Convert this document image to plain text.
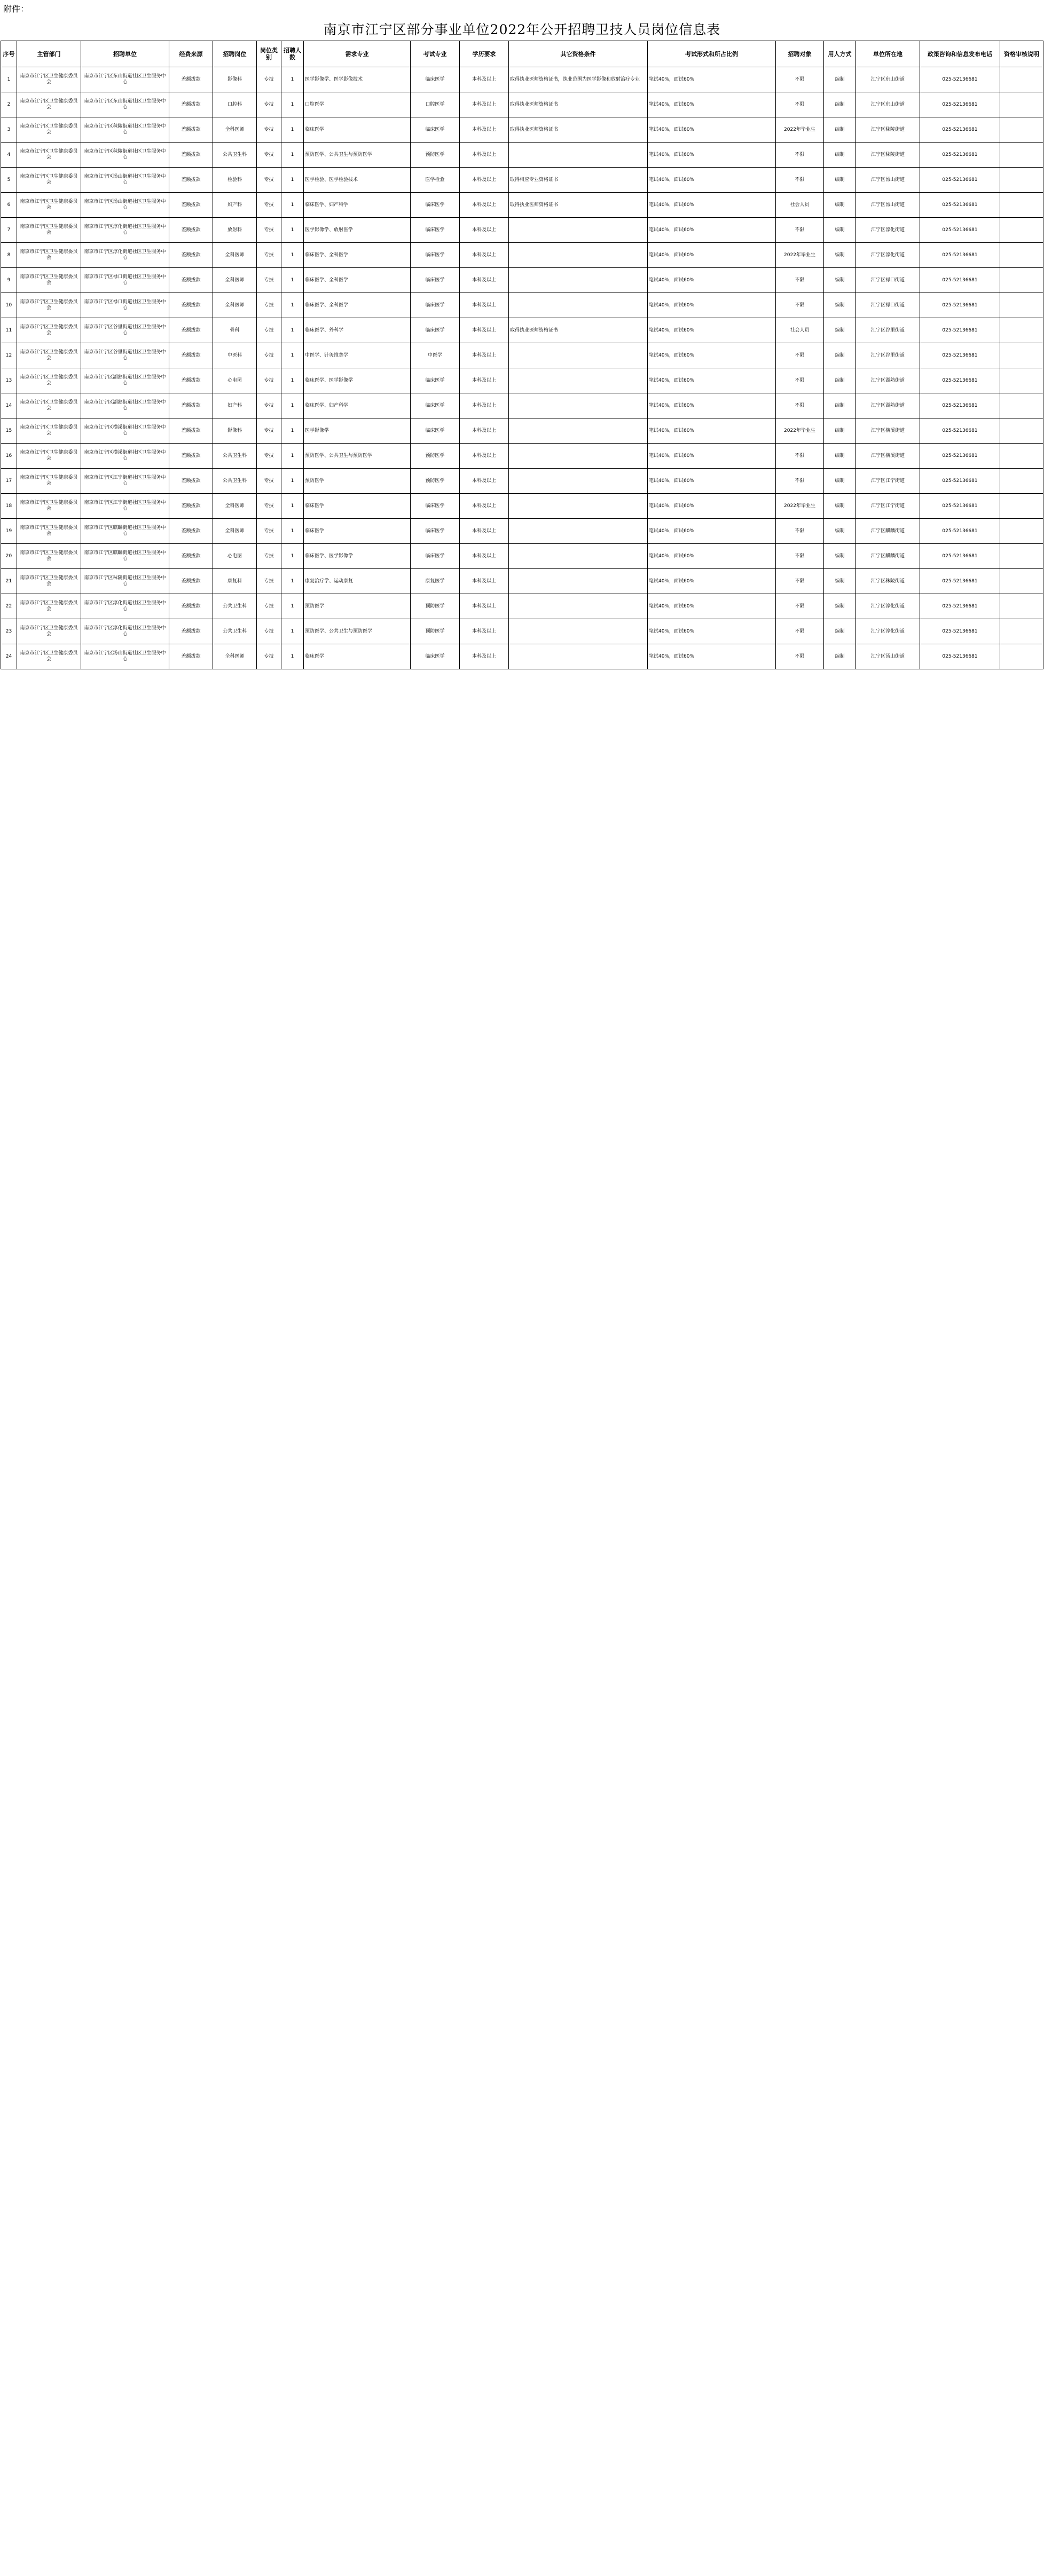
附件：
南京市江宁区部分事业单位2022年公开招聘卫技人员岗位信息表
序号	主管部门	招聘单位	经费来源	招聘岗位	岗位类别	招聘人数	需求专业	考试专业	学历要求	其它资格条件	考试形式和所占比例	招聘对象	用人方式	单位所在地	政策咨询和信息发布电话	资格审核说明
1	南京市江宁区卫生健康委员会	南京市江宁区东山街道社区卫生服务中心	差额拨款	影像科	专技	1	医学影像学、医学影像技术	临床医学	本科及以上	取得执业医师资格证书，执业范围为医学影像和放射治疗专业	笔试40%，面试60%	不限	编制	江宁区东山街道	025-52136681	
2	南京市江宁区卫生健康委员会	南京市江宁区东山街道社区卫生服务中心	差额拨款	口腔科	专技	1	口腔医学	口腔医学	本科及以上	取得执业医师资格证书	笔试40%，面试60%	不限	编制	江宁区东山街道	025-52136681	
3	南京市江宁区卫生健康委员会	南京市江宁区秣陵街道社区卫生服务中心	差额拨款	全科医师	专技	1	临床医学	临床医学	本科及以上	取得执业医师资格证书	笔试40%，面试60%	2022年毕业生	编制	江宁区秣陵街道	025-52136681	
4	南京市江宁区卫生健康委员会	南京市江宁区秣陵街道社区卫生服务中心	差额拨款	公共卫生科	专技	1	预防医学、公共卫生与预防医学	预防医学	本科及以上		笔试40%，面试60%	不限	编制	江宁区秣陵街道	025-52136681	
5	南京市江宁区卫生健康委员会	南京市江宁区汤山街道社区卫生服务中心	差额拨款	检验科	专技	1	医学检验、医学检验技术	医学检验	本科及以上	取得相应专业资格证书	笔试40%，面试60%	不限	编制	江宁区汤山街道	025-52136681	
6	南京市江宁区卫生健康委员会	南京市江宁区汤山街道社区卫生服务中心	差额拨款	妇产科	专技	1	临床医学、妇产科学	临床医学	本科及以上	取得执业医师资格证书	笔试40%，面试60%	社会人员	编制	江宁区汤山街道	025-52136681	
7	南京市江宁区卫生健康委员会	南京市江宁区淳化街道社区卫生服务中心	差额拨款	放射科	专技	1	医学影像学、放射医学	临床医学	本科及以上		笔试40%，面试60%	不限	编制	江宁区淳化街道	025-52136681	
8	南京市江宁区卫生健康委员会	南京市江宁区淳化街道社区卫生服务中心	差额拨款	全科医师	专技	1	临床医学、全科医学	临床医学	本科及以上		笔试40%，面试60%	2022年毕业生	编制	江宁区淳化街道	025-52136681	
9	南京市江宁区卫生健康委员会	南京市江宁区禄口街道社区卫生服务中心	差额拨款	全科医师	专技	1	临床医学、全科医学	临床医学	本科及以上		笔试40%，面试60%	不限	编制	江宁区禄口街道	025-52136681	
10	南京市江宁区卫生健康委员会	南京市江宁区禄口街道社区卫生服务中心	差额拨款	全科医师	专技	1	临床医学、全科医学	临床医学	本科及以上		笔试40%，面试60%	不限	编制	江宁区禄口街道	025-52136681	
11	南京市江宁区卫生健康委员会	南京市江宁区谷里街道社区卫生服务中心	差额拨款	骨科	专技	1	临床医学、外科学	临床医学	本科及以上	取得执业医师资格证书	笔试40%，面试60%	社会人员	编制	江宁区谷里街道	025-52136681	
12	南京市江宁区卫生健康委员会	南京市江宁区谷里街道社区卫生服务中心	差额拨款	中医科	专技	1	中医学、针灸推拿学	中医学	本科及以上		笔试40%，面试60%	不限	编制	江宁区谷里街道	025-52136681	
13	南京市江宁区卫生健康委员会	南京市江宁区湖熟街道社区卫生服务中心	差额拨款	心电图	专技	1	临床医学、医学影像学	临床医学	本科及以上		笔试40%，面试60%	不限	编制	江宁区湖熟街道	025-52136681	
14	南京市江宁区卫生健康委员会	南京市江宁区湖熟街道社区卫生服务中心	差额拨款	妇产科	专技	1	临床医学、妇产科学	临床医学	本科及以上		笔试40%，面试60%	不限	编制	江宁区湖熟街道	025-52136681	
15	南京市江宁区卫生健康委员会	南京市江宁区横溪街道社区卫生服务中心	差额拨款	影像科	专技	1	医学影像学	临床医学	本科及以上		笔试40%，面试60%	2022年毕业生	编制	江宁区横溪街道	025-52136681	
16	南京市江宁区卫生健康委员会	南京市江宁区横溪街道社区卫生服务中心	差额拨款	公共卫生科	专技	1	预防医学、公共卫生与预防医学	预防医学	本科及以上		笔试40%，面试60%	不限	编制	江宁区横溪街道	025-52136681	
17	南京市江宁区卫生健康委员会	南京市江宁区江宁街道社区卫生服务中心	差额拨款	公共卫生科	专技	1	预防医学	预防医学	本科及以上		笔试40%，面试60%	不限	编制	江宁区江宁街道	025-52136681	
18	南京市江宁区卫生健康委员会	南京市江宁区江宁街道社区卫生服务中心	差额拨款	全科医师	专技	1	临床医学	临床医学	本科及以上		笔试40%，面试60%	2022年毕业生	编制	江宁区江宁街道	025-52136681	
19	南京市江宁区卫生健康委员会	南京市江宁区麒麟街道社区卫生服务中心	差额拨款	全科医师	专技	1	临床医学	临床医学	本科及以上		笔试40%，面试60%	不限	编制	江宁区麒麟街道	025-52136681	
20	南京市江宁区卫生健康委员会	南京市江宁区麒麟街道社区卫生服务中心	差额拨款	心电图	专技	1	临床医学、医学影像学	临床医学	本科及以上		笔试40%，面试60%	不限	编制	江宁区麒麟街道	025-52136681	
21	南京市江宁区卫生健康委员会	南京市江宁区秣陵街道社区卫生服务中心	差额拨款	康复科	专技	1	康复治疗学、运动康复	康复医学	本科及以上		笔试40%，面试60%	不限	编制	江宁区秣陵街道	025-52136681	
22	南京市江宁区卫生健康委员会	南京市江宁区淳化街道社区卫生服务中心	差额拨款	公共卫生科	专技	1	预防医学	预防医学	本科及以上		笔试40%，面试60%	不限	编制	江宁区淳化街道	025-52136681	
23	南京市江宁区卫生健康委员会	南京市江宁区淳化街道社区卫生服务中心	差额拨款	公共卫生科	专技	1	预防医学、公共卫生与预防医学	预防医学	本科及以上		笔试40%，面试60%	不限	编制	江宁区淳化街道	025-52136681	
24	南京市江宁区卫生健康委员会	南京市江宁区汤山街道社区卫生服务中心	差额拨款	全科医师	专技	1	临床医学	临床医学	本科及以上		笔试40%，面试60%	不限	编制	江宁区汤山街道	025-52136681	
